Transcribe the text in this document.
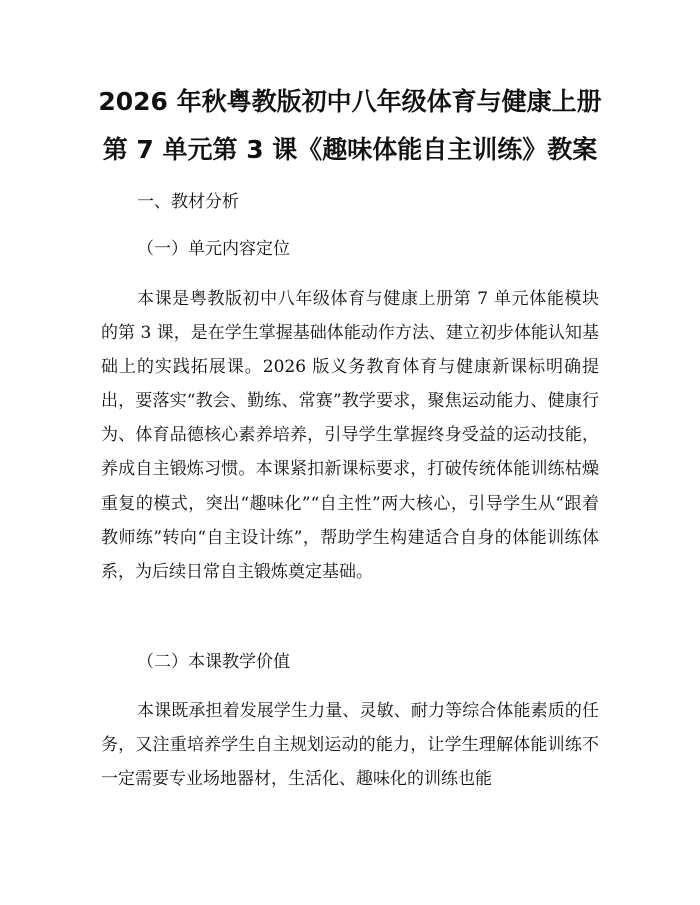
2026 年秋粤教版初中八年级体育与健康上册
第 7 单元第 3 课《趣味体能自主训练》教案
一、教材分析
（一）单元内容定位
本课是粤教版初中八年级体育与健康上册第 7 单元体能模块的第 3 课，是在学生掌握基础体能动作方法、建立初步体能认知基础上的实践拓展课。2026 版义务教育体育与健康新课标明确提出，要落实“教会、勤练、常赛”教学要求，聚焦运动能力、健康行为、体育品德核心素养培养，引导学生掌握终身受益的运动技能，养成自主锻炼习惯。本课紧扣新课标要求，打破传统体能训练枯燥重复的模式，突出“趣味化”“自主性”两大核心，引导学生从“跟着教师练”转向“自主设计练”，帮助学生构建适合自身的体能训练体系，为后续日常自主锻炼奠定基础。
（二）本课教学价值
本课既承担着发展学生力量、灵敏、耐力等综合体能素质的任务，又注重培养学生自主规划运动的能力，让学生理解体能训练不一定需要专业场地器材，生活化、趣味化的训练也能
